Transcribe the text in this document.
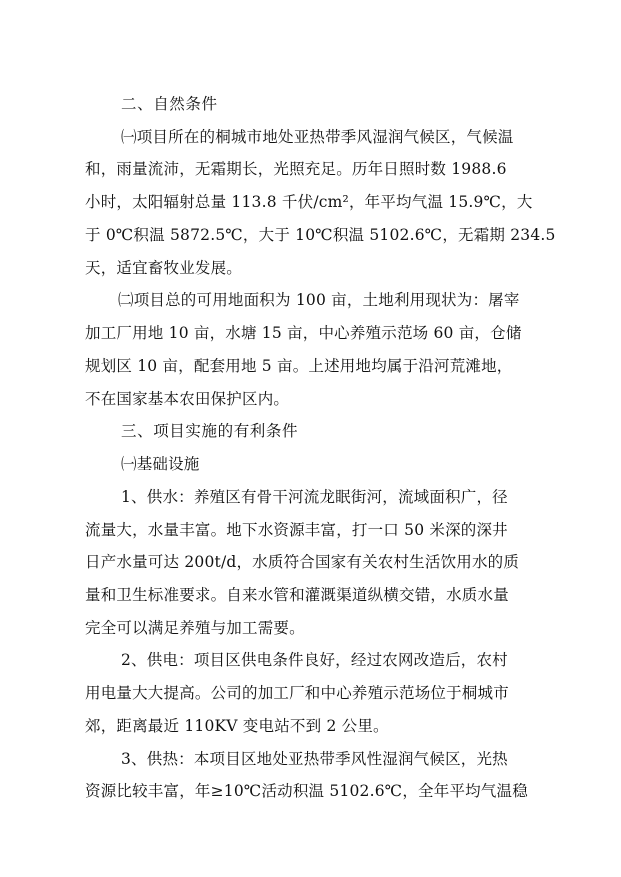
二、自然条件
㈠项目所在的桐城市地处亚热带季风湿润气候区，气候温
和，雨量流沛，无霜期长，光照充足。历年日照时数 1988.6
小时，太阳辐射总量 113.8 千伏/cm²，年平均气温 15.9℃，大
于 0℃积温 5872.5℃，大于 10℃积温 5102.6℃，无霜期 234.5
天，适宜畜牧业发展。
㈡项目总的可用地面积为 100 亩，土地利用现状为：屠宰
加工厂用地 10 亩，水塘 15 亩，中心养殖示范场 60 亩，仓储
规划区 10 亩，配套用地 5 亩。上述用地均属于沿河荒滩地，
不在国家基本农田保护区内。
三、项目实施的有利条件
㈠基础设施
1、供水：养殖区有骨干河流龙眠街河，流域面积广，径
流量大，水量丰富。地下水资源丰富，打一口 50 米深的深井
日产水量可达 200t/d，水质符合国家有关农村生活饮用水的质
量和卫生标准要求。自来水管和灌溉渠道纵横交错，水质水量
完全可以满足养殖与加工需要。
2、供电：项目区供电条件良好，经过农网改造后，农村
用电量大大提高。公司的加工厂和中心养殖示范场位于桐城市
郊，距离最近 110KV 变电站不到 2 公里。
3、供热：本项目区地处亚热带季风性湿润气候区，光热
资源比较丰富，年≥10℃活动积温 5102.6℃，全年平均气温稳
